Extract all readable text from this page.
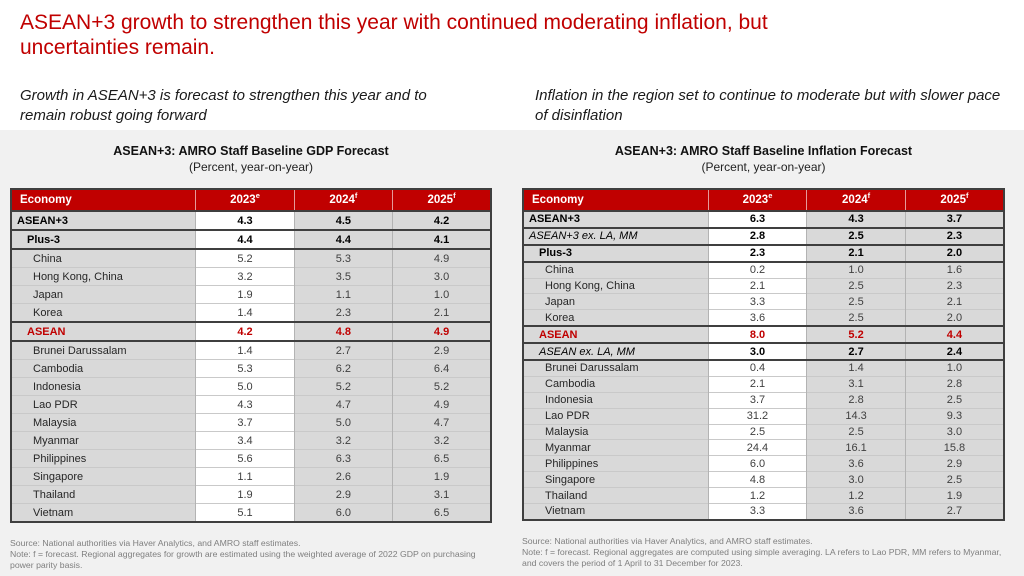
ASEAN+3 growth to strengthen this year with continued moderating inflation, but uncertainties remain.
Growth in ASEAN+3 is forecast to strengthen this year and to remain robust going forward
Inflation in the region set to continue to moderate but with slower pace of disinflation
ASEAN+3: AMRO Staff Baseline GDP Forecast
(Percent, year-on-year)
Economy	2023e	2024$^f$	2025$^f$
ASEAN+3	4.3	4.5	4.2
Plus-3	4.4	4.4	4.1
China	5.2	5.3	4.9
Hong Kong, China	3.2	3.5	3.0
Japan	1.9	1.1	1.0
Korea	1.4	2.3	2.1
ASEAN	4.2	4.8	4.9
Brunei Darussalam	1.4	2.7	2.9
Cambodia	5.3	6.2	6.4
Indonesia	5.0	5.2	5.2
Lao PDR	4.3	4.7	4.9
Malaysia	3.7	5.0	4.7
Myanmar	3.4	3.2	3.2
Philippines	5.6	6.3	6.5
Singapore	1.1	2.6	1.9
Thailand	1.9	2.9	3.1
Vietnam	5.1	6.0	6.5
Source: National authorities via Haver Analytics, and AMRO staff estimates.
Note: f = forecast. Regional aggregates for growth are estimated using the weighted average of 2022 GDP on purchasing power parity basis.
ASEAN+3: AMRO Staff Baseline Inflation Forecast
(Percent, year-on-year)
Economy	2023e	2024$^f$	2025$^f$
ASEAN+3	6.3	4.3	3.7
ASEAN+3 ex. LA, MM	2.8	2.5	2.3
Plus-3	2.3	2.1	2.0
China	0.2	1.0	1.6
Hong Kong, China	2.1	2.5	2.3
Japan	3.3	2.5	2.1
Korea	3.6	2.5	2.0
ASEAN	8.0	5.2	4.4
ASEAN ex. LA, MM	3.0	2.7	2.4
Brunei Darussalam	0.4	1.4	1.0
Cambodia	2.1	3.1	2.8
Indonesia	3.7	2.8	2.5
Lao PDR	31.2	14.3	9.3
Malaysia	2.5	2.5	3.0
Myanmar	24.4	16.1	15.8
Philippines	6.0	3.6	2.9
Singapore	4.8	3.0	2.5
Thailand	1.2	1.2	1.9
Vietnam	3.3	3.6	2.7
Source: National authorities via Haver Analytics, and AMRO staff estimates.
Note: f = forecast. Regional aggregates are computed using simple averaging. LA refers to Lao PDR, MM refers to Myanmar, and covers the period of 1 April to 31 December for 2023.
